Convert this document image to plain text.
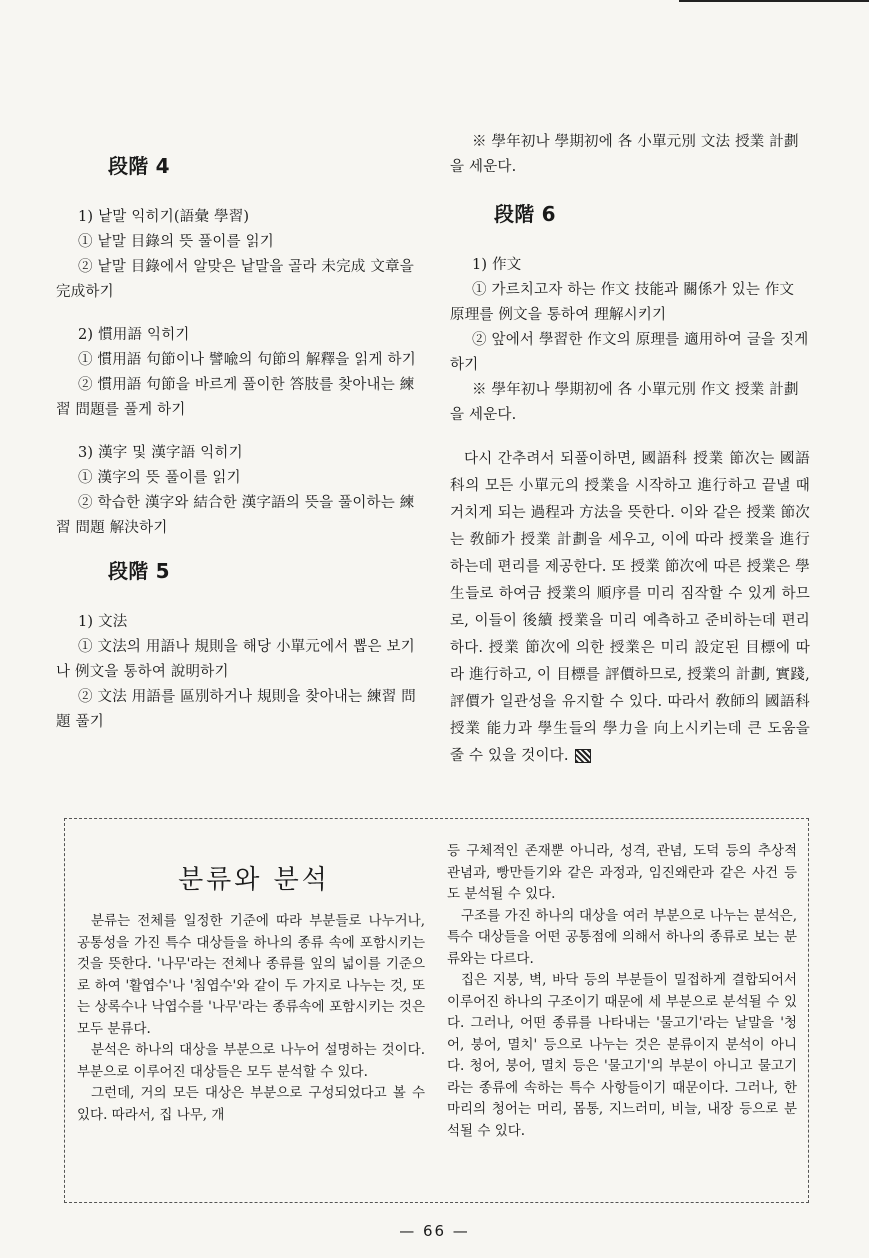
段階 4
1) 낱말 익히기(語彙 學習)
① 낱말 目錄의 뜻 풀이를 읽기
② 낱말 目錄에서 알맞은 낱말을 골라 未完成 文章을 完成하기
2) 慣用語 익히기
① 慣用語 句節이나 譬喩의 句節의 解釋을 읽게 하기
② 慣用語 句節을 바르게 풀이한 答肢를 찾아내는 練習 問題를 풀게 하기
3) 漢字 및 漢字語 익히기
① 漢字의 뜻 풀이를 읽기
② 학습한 漢字와 結合한 漢字語의 뜻을 풀이하는 練習 問題 解決하기
段階 5
1) 文法
① 文法의 用語나 規則을 해당 小單元에서 뽑은 보기나 例文을 통하여 說明하기
② 文法 用語를 區別하거나 規則을 찾아내는 練習 問題 풀기
※ 學年初나 學期初에 各 小單元別 文法 授業 計劃을 세운다.
段階 6
1) 作文
① 가르치고자 하는 作文 技能과 關係가 있는 作文 原理를 例文을 통하여 理解시키기
② 앞에서 學習한 作文의 原理를 適用하여 글을 짓게 하기
※ 學年初나 學期初에 各 小單元別 作文 授業 計劃을 세운다.
다시 간추려서 되풀이하면, 國語科 授業 節次는 國語科의 모든 小單元의 授業을 시작하고 進行하고 끝낼 때 거치게 되는 過程과 方法을 뜻한다. 이와 같은 授業 節次는 敎師가 授業 計劃을 세우고, 이에 따라 授業을 進行하는데 편리를 제공한다. 또 授業 節次에 따른 授業은 學生들로 하여금 授業의 順序를 미리 짐작할 수 있게 하므로, 이들이 後續 授業을 미리 예측하고 준비하는데 편리하다. 授業 節次에 의한 授業은 미리 設定된 目標에 따라 進行하고, 이 目標를 評價하므로, 授業의 計劃, 實踐, 評價가 일관성을 유지할 수 있다. 따라서 敎師의 國語科 授業 能力과 學生들의 學力을 向上시키는데 큰 도움을 줄 수 있을 것이다.
분류와 분석

분류는 전체를 일정한 기준에 따라 부분들로 나누거나, 공통성을 가진 특수 대상들을 하나의 종류 속에 포함시키는 것을 뜻한다. '나무'라는 전체나 종류를 잎의 넓이를 기준으로 하여 '활엽수'나 '침엽수'와 같이 두 가지로 나누는 것, 또는 상록수나 낙엽수를 '나무'라는 종류속에 포함시키는 것은 모두 분류다.

분석은 하나의 대상을 부분으로 나누어 설명하는 것이다. 부분으로 이루어진 대상들은 모두 분석할 수 있다.

그런데, 거의 모든 대상은 부분으로 구성되었다고 볼 수 있다. 따라서, 집 나무, 개

등 구체적인 존재뿐 아니라, 성격, 관념, 도덕 등의 추상적 관념과, 빵만들기와 같은 과정과, 임진왜란과 같은 사건 등도 분석될 수 있다.

구조를 가진 하나의 대상을 여러 부분으로 나누는 분석은, 특수 대상들을 어떤 공통점에 의해서 하나의 종류로 보는 분류와는 다르다.

집은 지붕, 벽, 바닥 등의 부분들이 밀접하게 결합되어서 이루어진 하나의 구조이기 때문에 세 부분으로 분석될 수 있다. 그러나, 어떤 종류를 나타내는 '물고기'라는 낱말을 '청어, 붕어, 멸치' 등으로 나누는 것은 분류이지 분석이 아니다. 청어, 붕어, 멸치 등은 '물고기'의 부분이 아니고 물고기라는 종류에 속하는 특수 사항들이기 때문이다. 그러나, 한마리의 청어는 머리, 몸통, 지느러미, 비늘, 내장 등으로 분석될 수 있다.

— 66 —
